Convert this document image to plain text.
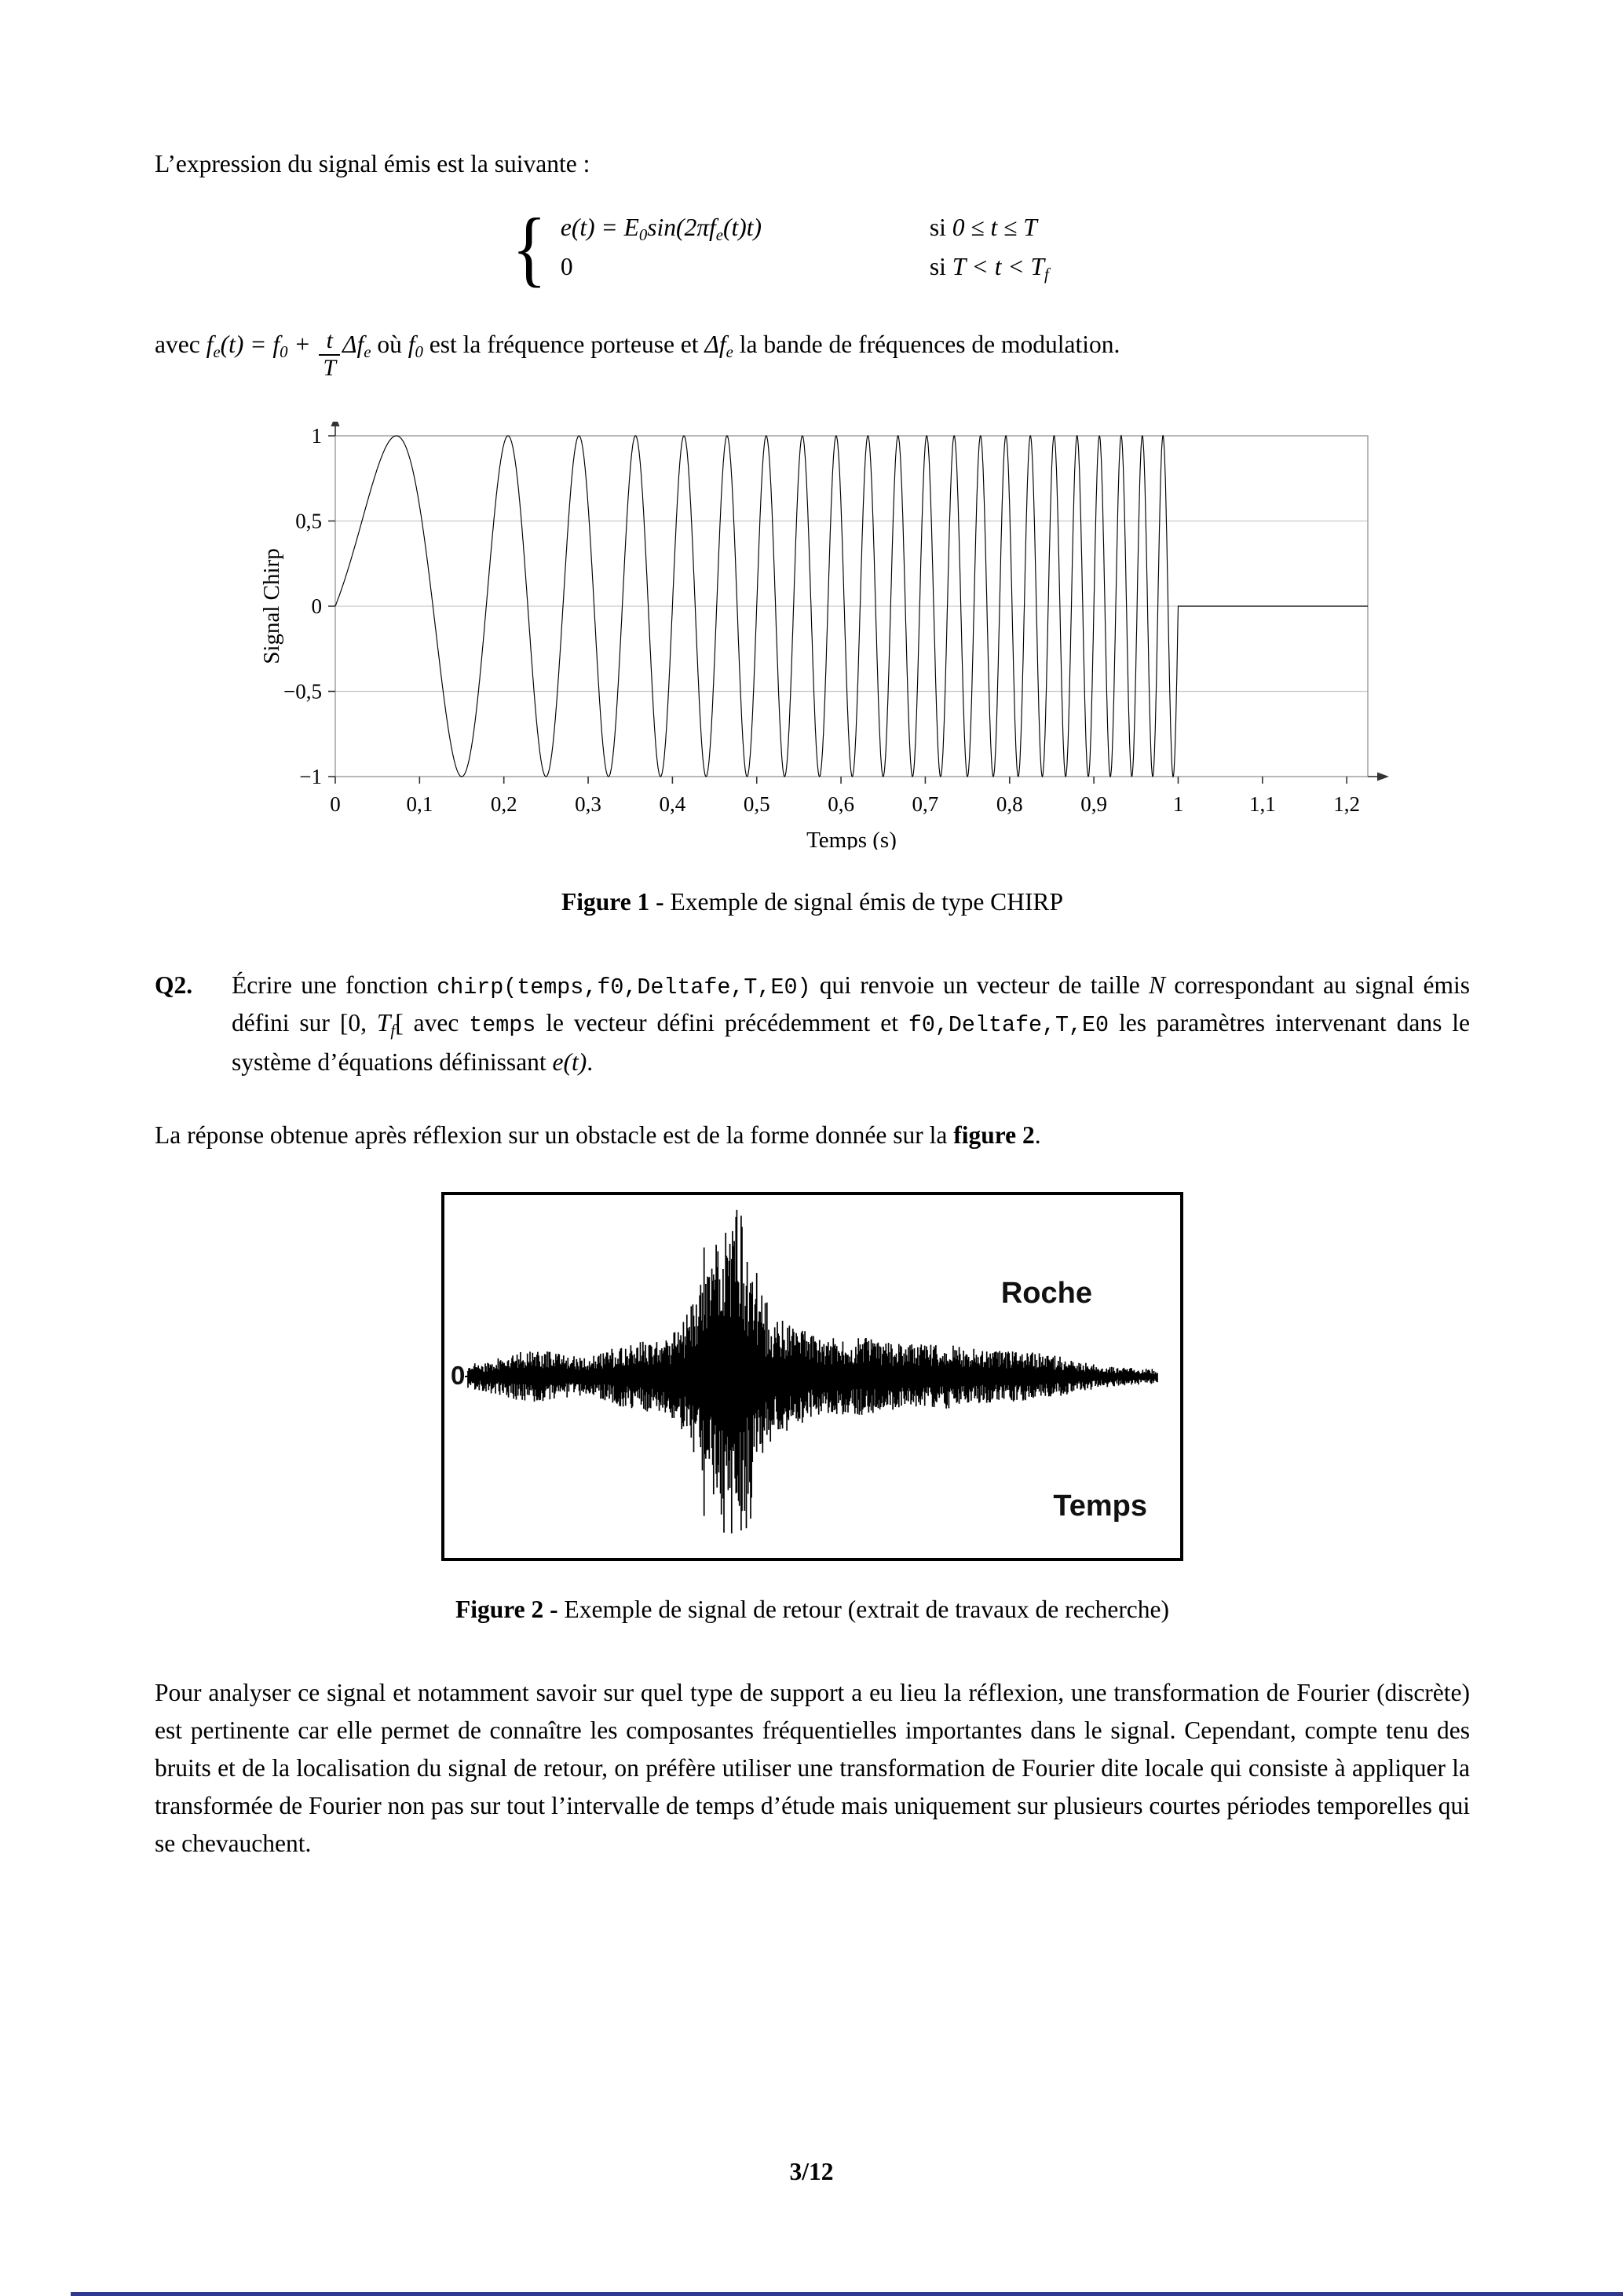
L’expression du signal émis est la suivante :

{ e(t) = E0sin(2πfe(t)t)	si 0 ≤ t ≤ T
0	si T < t < Tf

avec $fe(t) = f0 + \frac{t}{T}$ Δfe où f0 est la fréquence porteuse et Δfe la bande de fréquences de modulation.

0	0,1	0,2	0,3	0,4	0,5	0,6	0,7	0,8	0,9	1	1,1	1,2
1
0,5
0
−0,5
−1
Temps (s)
Signal Chirp

Figure 1 - Exemple de signal émis de type CHIRP

Q2.	Écrire une fonction chirp(temps,f0,Deltafe,T,E0) qui renvoie un vecteur de taille N correspondant au signal émis défini sur [0, Tf[ avec temps le vecteur défini précédemment et f0,Deltafe,T,E0 les paramètres intervenant dans le système d’équations définissant e(t).

La réponse obtenue après réflexion sur un obstacle est de la forme donnée sur la figure 2.

0
Roche
Temps

Figure 2 - Exemple de signal de retour (extrait de travaux de recherche)

Pour analyser ce signal et notamment savoir sur quel type de support a eu lieu la réflexion, une transformation de Fourier (discrète) est pertinente car elle permet de connaître les composantes fréquentielles importantes dans le signal. Cependant, compte tenu des bruits et de la localisation du signal de retour, on préfère utiliser une transformation de Fourier dite locale qui consiste à appliquer la transformée de Fourier non pas sur tout l’intervalle de temps d’étude mais uniquement sur plusieurs courtes périodes temporelles qui se chevauchent.

3/12
